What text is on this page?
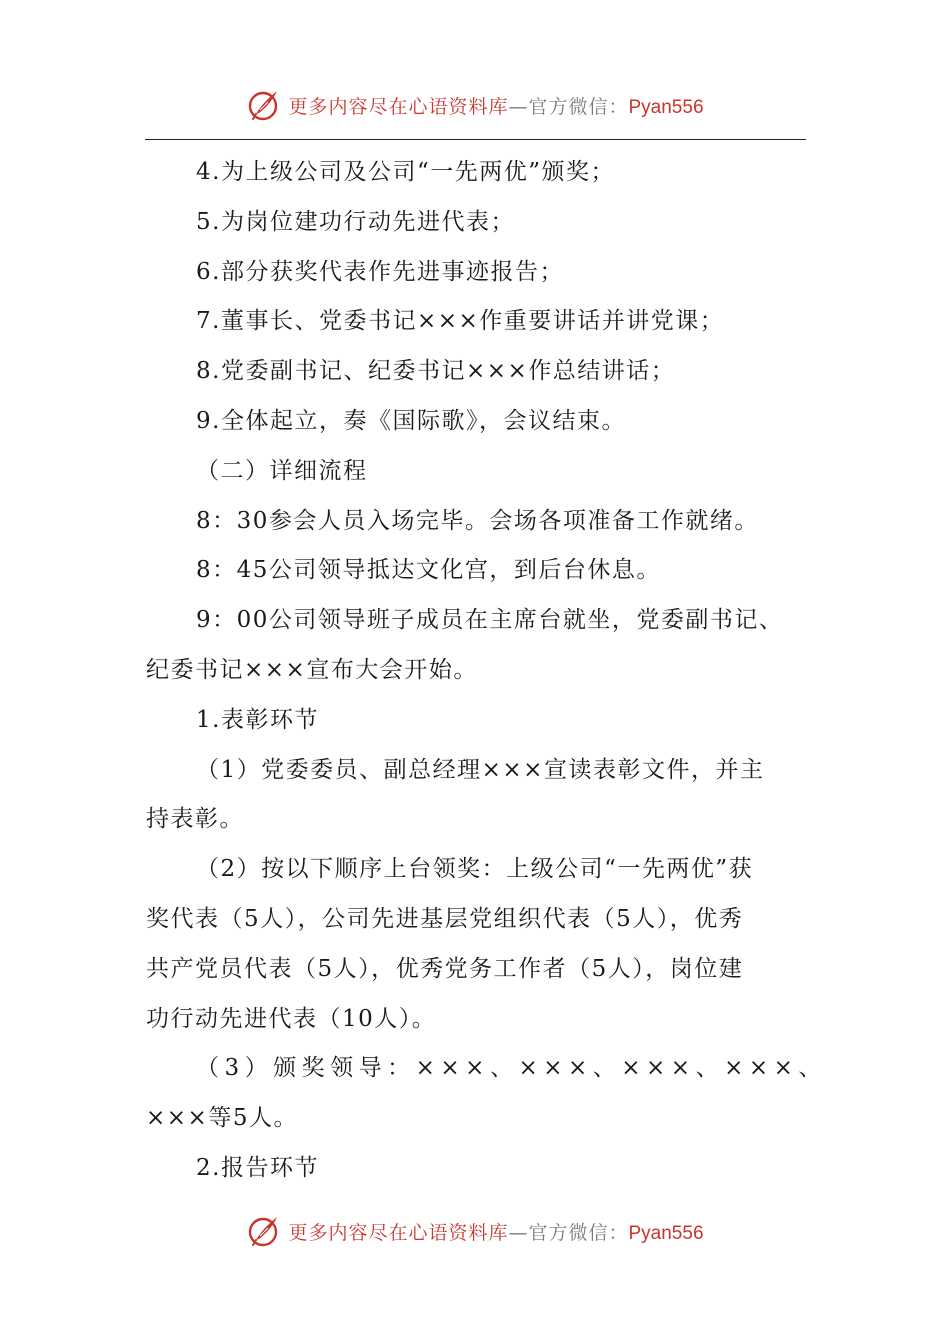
更多内容尽在心语资料库—官方微信：Pyan556
4.为上级公司及公司“一先两优”颁奖；
5.为岗位建功行动先进代表；
6.部分获奖代表作先进事迹报告；
7.董事长、党委书记×××作重要讲话并讲党课；
8.党委副书记、纪委书记×××作总结讲话；
9.全体起立，奏《国际歌》，会议结束。
（二）详细流程
8：30参会人员入场完毕。会场各项准备工作就绪。
8：45公司领导抵达文化宫，到后台休息。
9：00公司领导班子成员在主席台就坐，党委副书记、
纪委书记×××宣布大会开始。
1.表彰环节
（1）党委委员、副总经理×××宣读表彰文件，并主
持表彰。
（2）按以下顺序上台领奖：上级公司“一先两优”获
奖代表（5人），公司先进基层党组织代表（5人），优秀
共产党员代表（5人），优秀党务工作者（5人），岗位建
功行动先进代表（10人）。
（3）颁奖领导：×××、×××、×××、×××、
×××等5人。
2.报告环节
更多内容尽在心语资料库—官方微信：Pyan556
